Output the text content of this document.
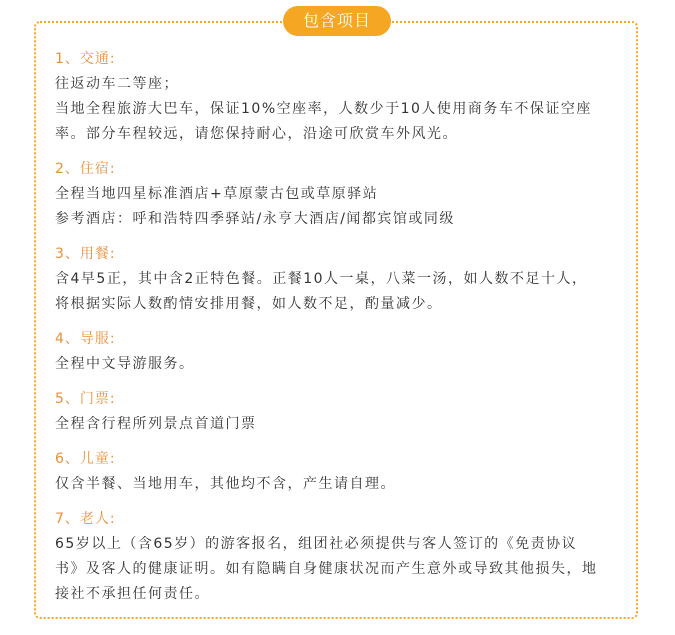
包含项目
1、交通:
往返动车二等座；
当地全程旅游大巴车，保证10%空座率，人数少于10人使用商务车不保证空座
率。部分车程较远，请您保持耐心，沿途可欣赏车外风光。
2、住宿:
全程当地四星标准酒店+草原蒙古包或草原驿站
参考酒店：呼和浩特四季驿站/永亨大酒店/闻都宾馆或同级
3、用餐:
含4早5正，其中含2正特色餐。正餐10人一桌，八菜一汤，如人数不足十人，
将根据实际人数酌情安排用餐，如人数不足，酌量减少。
4、导服:
全程中文导游服务。
5、门票:
全程含行程所列景点首道门票
6、儿童:
仅含半餐、当地用车，其他均不含，产生请自理。
7、老人:
65岁以上（含65岁）的游客报名，组团社必须提供与客人签订的《免责协议
书》及客人的健康证明。如有隐瞒自身健康状况而产生意外或导致其他损失，地
接社不承担任何责任。
